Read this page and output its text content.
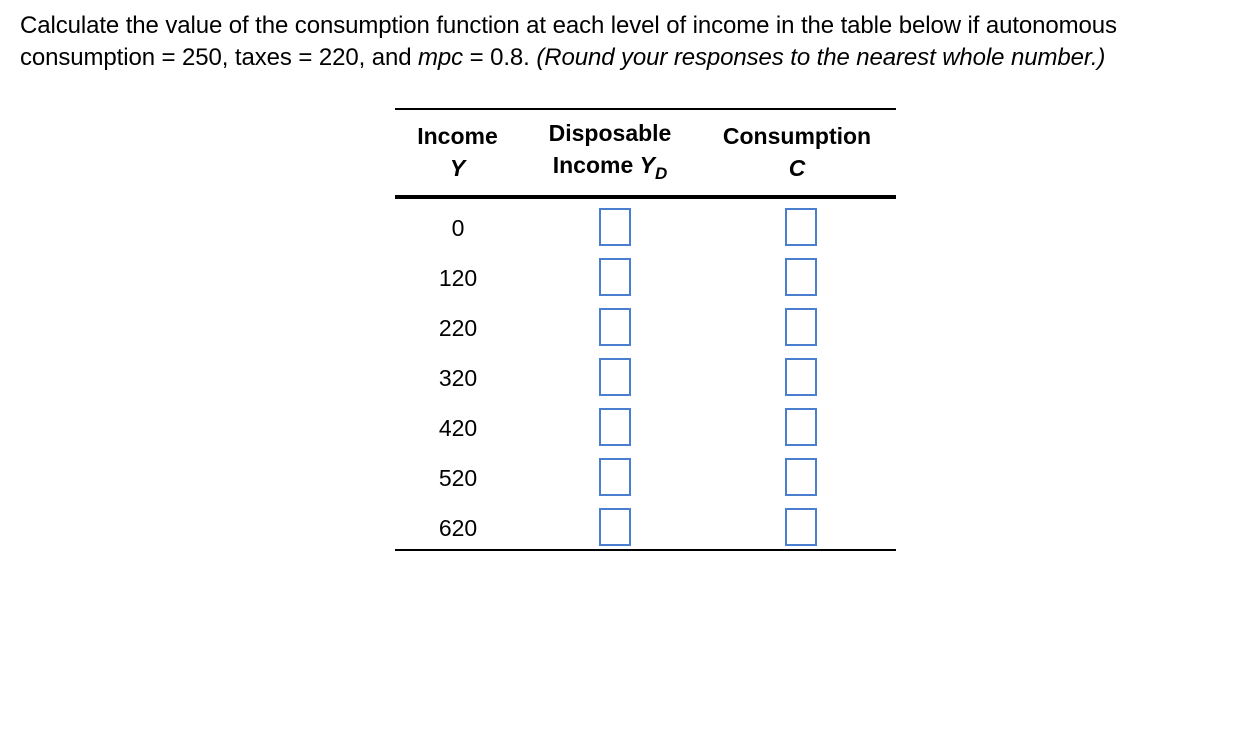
Calculate the value of the consumption function at each level of income in the table below if autonomous consumption = 250, taxes = 220, and mpc = 0.8. (Round your responses to the nearest whole number.)
Income
Y
Disposable
Income $Y_D$
Consumption
C
0
120
220
320
420
520
620
